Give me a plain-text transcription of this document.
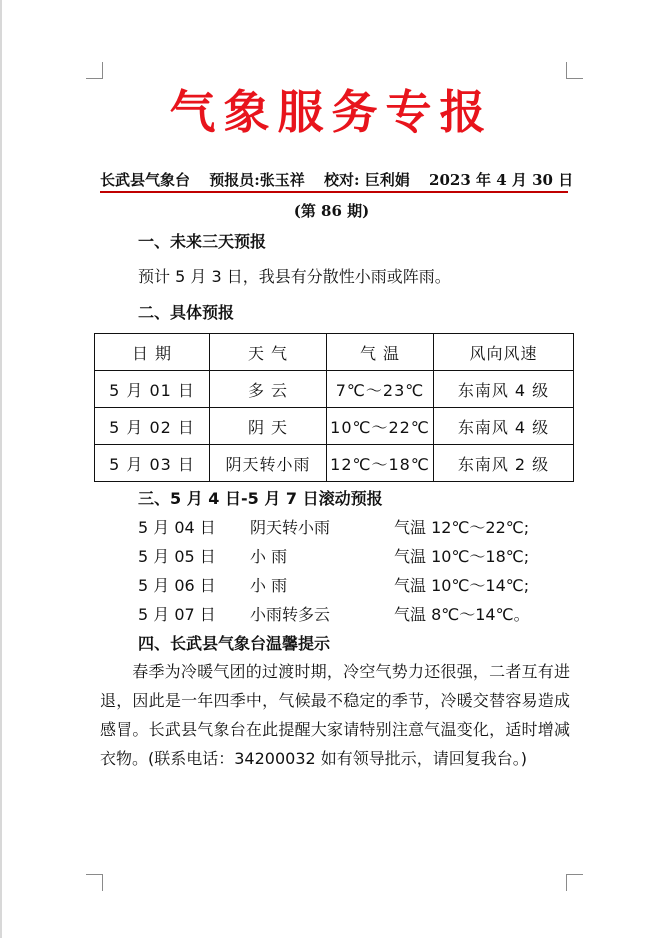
气象服务专报
长武县气象台 预报员:张玉祥 校对: 巨利娟 2023 年 4 月 30 日
(第 86 期)
一、未来三天预报
预计 5 月 3 日，我县有分散性小雨或阵雨。
二、具体预报
日 期	天 气	气 温	风向风速
5 月 01 日	多 云	7℃～23℃	东南风 4 级
5 月 02 日	阴 天	10℃～22℃	东南风 4 级
5 月 03 日	阴天转小雨	12℃～18℃	东南风 2 级
三、5 月 4 日-5 月 7 日滚动预报
5 月 04 日 阴天转小雨	气温 12℃～22℃;
5 月 05 日 小 雨	气温 10℃～18℃;
5 月 06 日 小 雨	气温 10℃～14℃;
5 月 07 日 小雨转多云	气温 8℃～14℃。
四、长武县气象台温馨提示
春季为冷暖气团的过渡时期，冷空气势力还很强，二者互有进退，因此是一年四季中，气候最不稳定的季节，冷暖交替容易造成感冒。长武县气象台在此提醒大家请特别注意气温变化，适时增减衣物。(联系电话：34200032 如有领导批示，请回复我台。)
